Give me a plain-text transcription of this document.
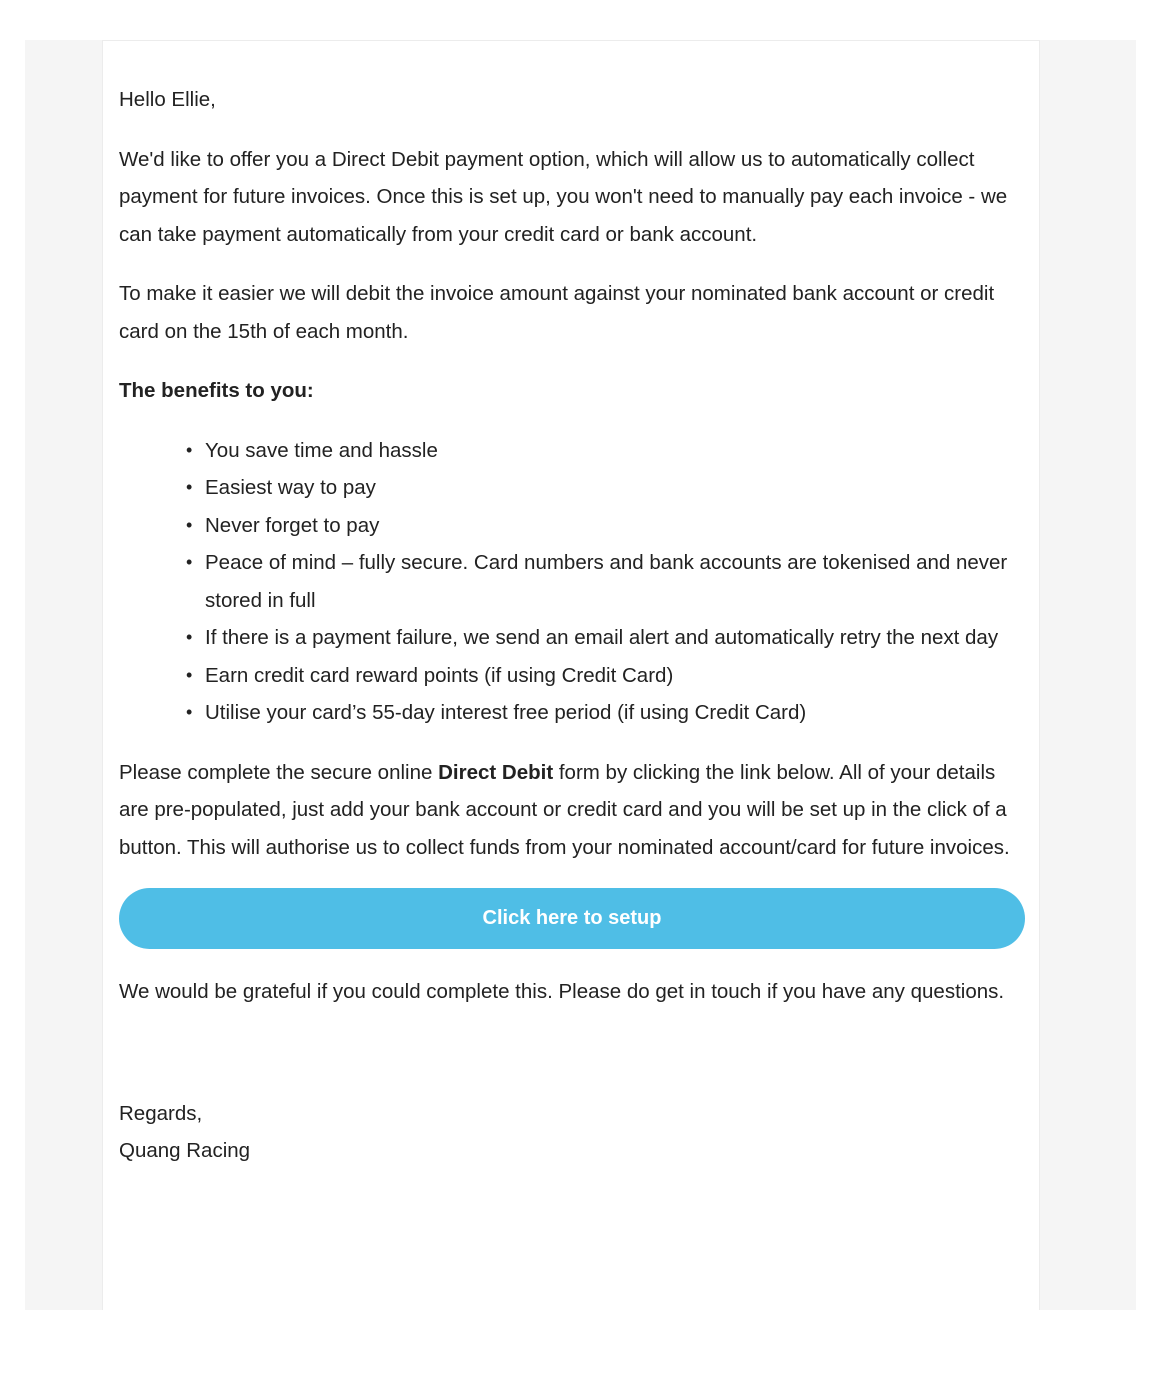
Hello Ellie,

We'd like to offer you a Direct Debit payment option, which will allow us to automatically collect payment for future invoices. Once this is set up, you won't need to manually pay each invoice - we can take payment automatically from your credit card or bank account.

To make it easier we will debit the invoice amount against your nominated bank account or credit card on the 15th of each month.

The benefits to you:

• You save time and hassle
• Easiest way to pay
• Never forget to pay
• Peace of mind – fully secure. Card numbers and bank accounts are tokenised and never stored in full
• If there is a payment failure, we send an email alert and automatically retry the next day
• Earn credit card reward points (if using Credit Card)
• Utilise your card’s 55-day interest free period (if using Credit Card)

Please complete the secure online Direct Debit form by clicking the link below. All of your details are pre-populated, just add your bank account or credit card and you will be set up in the click of a button. This will authorise us to collect funds from your nominated account/card for future invoices.

Click here to setup

We would be grateful if you could complete this. Please do get in touch if you have any questions.

Regards,

Quang Racing
